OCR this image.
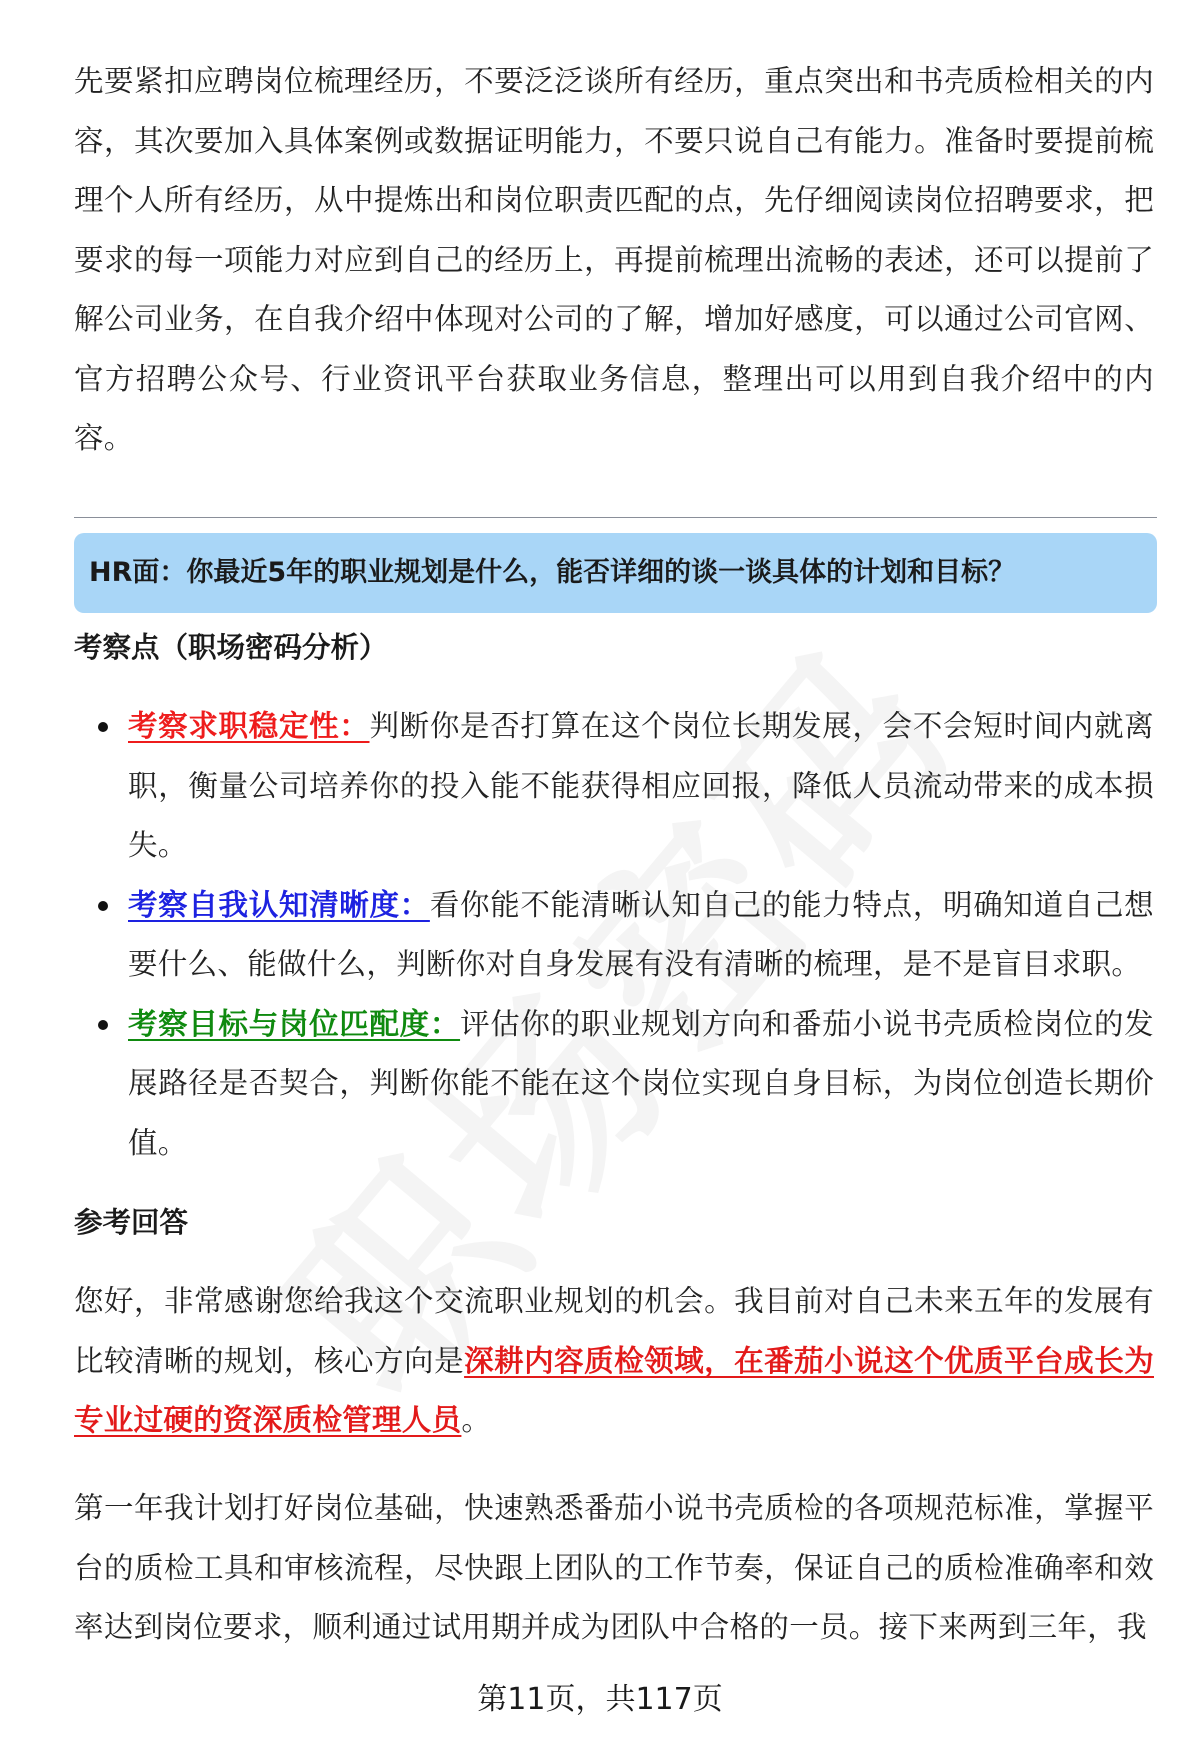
先要紧扣应聘岗位梳理经历，不要泛泛谈所有经历，重点突出和书壳质检相关的内容，其次要加入具体案例或数据证明能力，不要只说自己有能力。准备时要提前梳理个人所有经历，从中提炼出和岗位职责匹配的点，先仔细阅读岗位招聘要求，把要求的每一项能力对应到自己的经历上，再提前梳理出流畅的表述，还可以提前了解公司业务，在自我介绍中体现对公司的了解，增加好感度，可以通过公司官网、官方招聘公众号、行业资讯平台获取业务信息，整理出可以用到自我介绍中的内容。

HR面：你最近5年的职业规划是什么，能否详细的谈一谈具体的计划和目标？
考察点（职场密码分析）
考察求职稳定性：判断你是否打算在这个岗位长期发展，会不会短时间内就离职，衡量公司培养你的投入能不能获得相应回报，降低人员流动带来的成本损失。
考察自我认知清晰度：看你能不能清晰认知自己的能力特点，明确知道自己想要什么、能做什么，判断你对自身发展有没有清晰的梳理，是不是盲目求职。
考察目标与岗位匹配度：评估你的职业规划方向和番茄小说书壳质检岗位的发展路径是否契合，判断你能不能在这个岗位实现自身目标，为岗位创造长期价值。
参考回答

您好，非常感谢您给我这个交流职业规划的机会。我目前对自己未来五年的发展有比较清晰的规划，核心方向是深耕内容质检领域，在番茄小说这个优质平台成长为专业过硬的资深质检管理人员。

第一年我计划打好岗位基础，快速熟悉番茄小说书壳质检的各项规范标准，掌握平台的质检工具和审核流程，尽快跟上团队的工作节奏，保证自己的质检准确率和效率达到岗位要求，顺利通过试用期并成为团队中合格的一员。接下来两到三年，我

第11页，共117页
